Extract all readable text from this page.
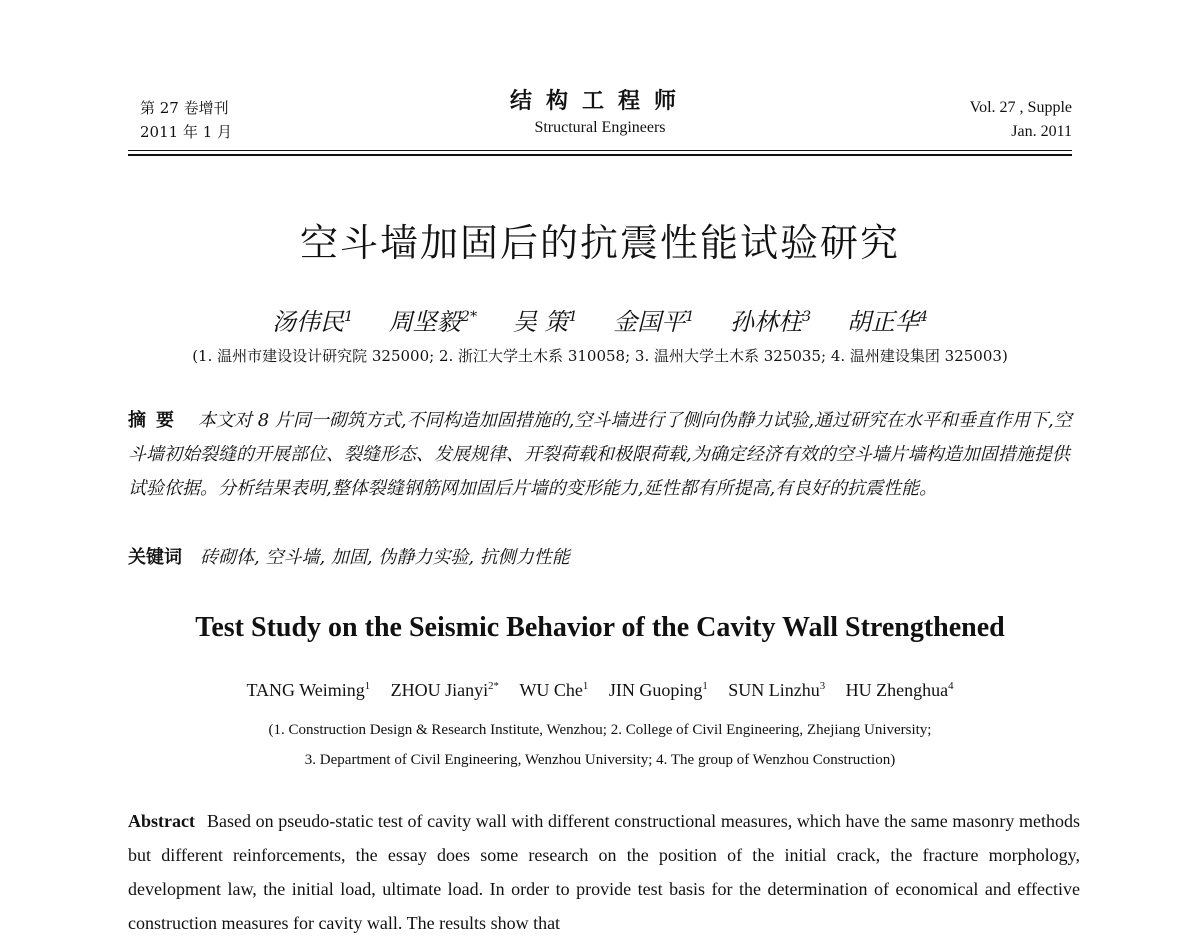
第 27 卷增刊
2011 年 1 月
结构工程师
Structural Engineers
Vol. 27 , Supple
Jan. 2011
空斗墙加固后的抗震性能试验研究
汤伟民$^1$ 周坚毅$^{2*}$ 吴 策$^1$ 金国平$^1$ 孙林柱$^3$ 胡正华$^4$
(1. 温州市建设设计研究院 325000; 2. 浙江大学土木系 310058; 3. 温州大学土木系 325035; 4. 温州建设集团 325003)
摘要 本文对 8 片同一砌筑方式,不同构造加固措施的,空斗墙进行了侧向伪静力试验,通过研究在水平和垂直作用下,空斗墙初始裂缝的开展部位、裂缝形态、发展规律、开裂荷载和极限荷载,为确定经济有效的空斗墙片墙构造加固措施提供试验依据。分析结果表明,整体裂缝钢筋网加固后片墙的变形能力,延性都有所提高,有良好的抗震性能。
关键词 砖砌体, 空斗墙, 加固, 伪静力实验, 抗侧力性能
Test Study on the Seismic Behavior of the Cavity Wall Strengthened
TANG Weiming$^1$ ZHOU Jianyi$^{2*}$ WU Che$^1$ JIN Guoping$^1$ SUN Linzhu$^3$ HU Zhenghua$^4$
(1. Construction Design & Research Institute, Wenzhou; 2. College of Civil Engineering, Zhejiang University;
3. Department of Civil Engineering, Wenzhou University; 4. The group of Wenzhou Construction)
Abstract Based on pseudo-static test of cavity wall with different constructional measures, which have the same masonry methods but different reinforcements, the essay does some research on the position of the initial crack, the fracture morphology, development law, the initial load, ultimate load. In order to provide test basis for the determination of economical and effective construction measures for cavity wall. The results show that
